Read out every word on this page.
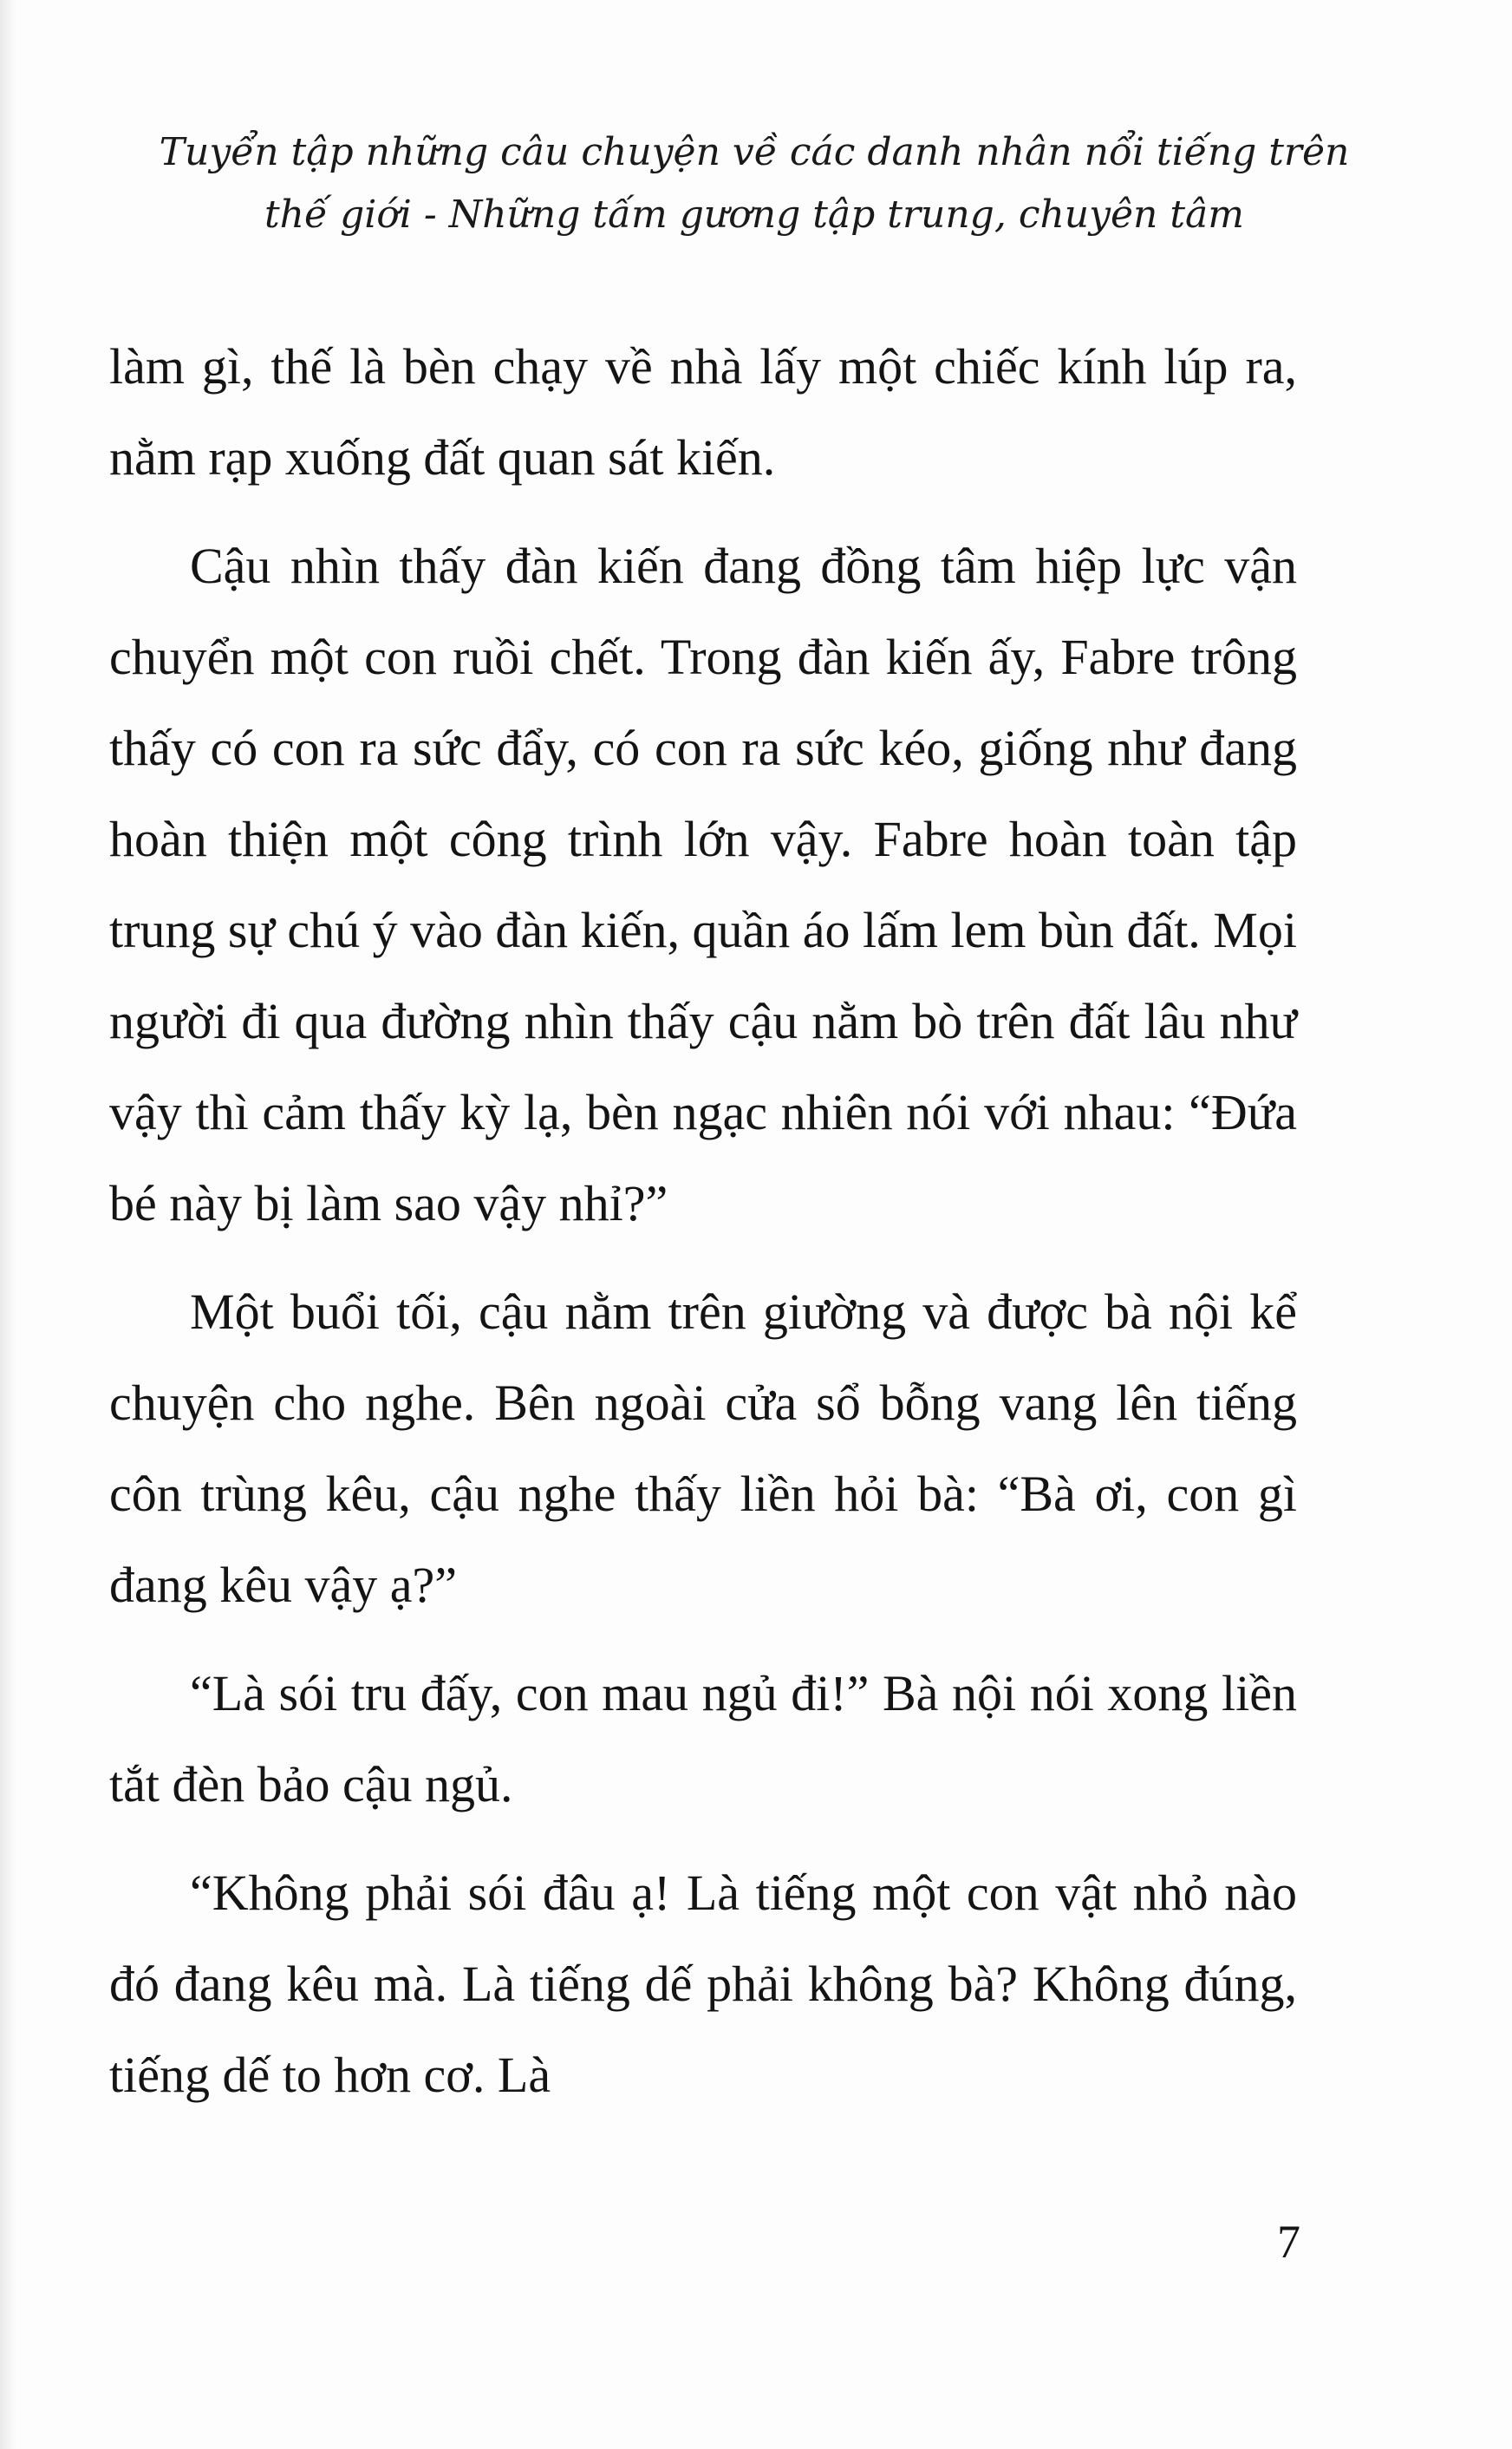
Tuyển tập những câu chuyện về các danh nhân nổi tiếng trên
thế giới - Những tấm gương tập trung, chuyên tâm

làm gì, thế là bèn chạy về nhà lấy một chiếc kính lúp ra, nằm rạp xuống đất quan sát kiến.

Cậu nhìn thấy đàn kiến đang đồng tâm hiệp lực vận chuyển một con ruồi chết. Trong đàn kiến ấy, Fabre trông thấy có con ra sức đẩy, có con ra sức kéo, giống như đang hoàn thiện một công trình lớn vậy. Fabre hoàn toàn tập trung sự chú ý vào đàn kiến, quần áo lấm lem bùn đất. Mọi người đi qua đường nhìn thấy cậu nằm bò trên đất lâu như vậy thì cảm thấy kỳ lạ, bèn ngạc nhiên nói với nhau: “Đứa bé này bị làm sao vậy nhỉ?”

Một buổi tối, cậu nằm trên giường và được bà nội kể chuyện cho nghe. Bên ngoài cửa sổ bỗng vang lên tiếng côn trùng kêu, cậu nghe thấy liền hỏi bà: “Bà ơi, con gì đang kêu vậy ạ?”

“Là sói tru đấy, con mau ngủ đi!” Bà nội nói xong liền tắt đèn bảo cậu ngủ.

“Không phải sói đâu ạ! Là tiếng một con vật nhỏ nào đó đang kêu mà. Là tiếng dế phải không bà? Không đúng, tiếng dế to hơn cơ. Là

7
